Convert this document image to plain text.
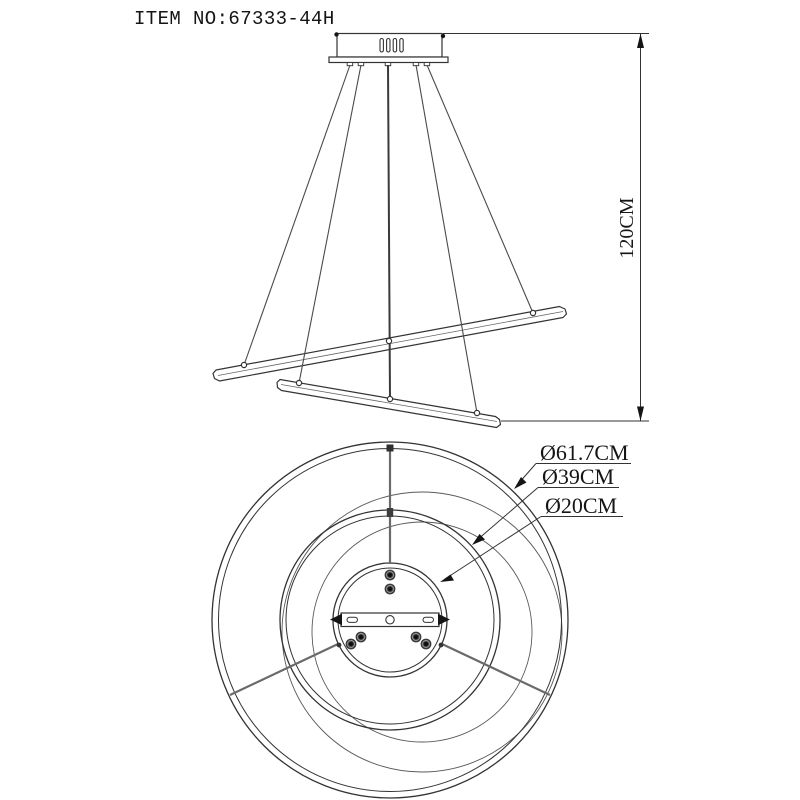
ITEM NO:67333-44H
120CM
Ø61.7CM
Ø39CM
Ø20CM
